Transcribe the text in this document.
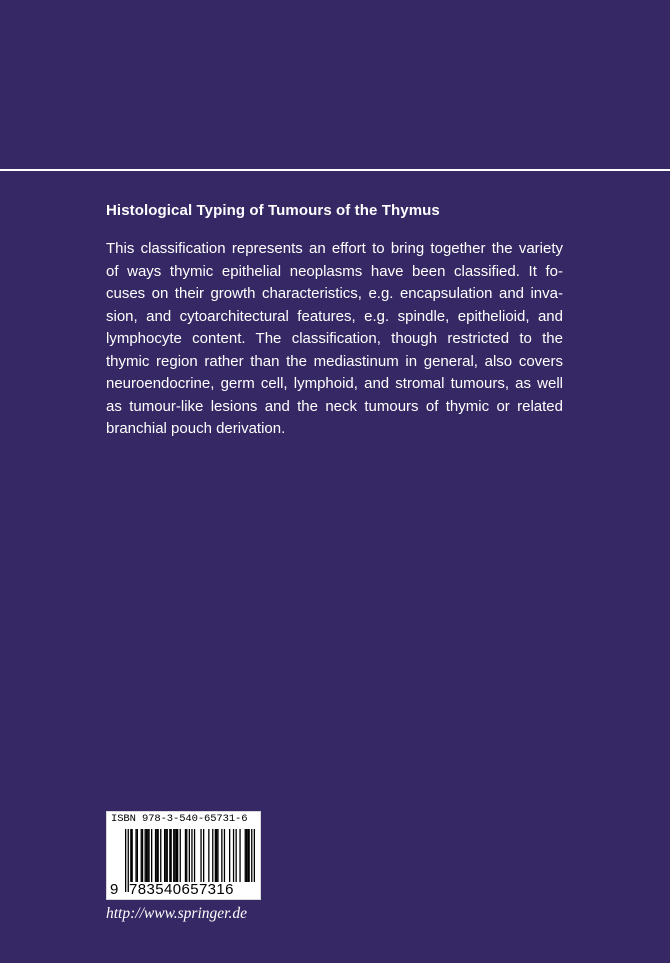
Histological Typing of Tumours of the Thymus
This classification represents an effort to bring together the variety
of ways thymic epithelial neoplasms have been classified. It fo-
cuses on their growth characteristics, e.g. encapsulation and inva-
sion, and cytoarchitectural features, e.g. spindle, epithelioid, and
lymphocyte content. The classification, though restricted to the
thymic region rather than the mediastinum in general, also covers
neuroendocrine, germ cell, lymphoid, and stromal tumours, as well
as tumour-like lesions and the neck tumours of thymic or related
branchial pouch derivation.
ISBN 978-3-540-65731-6
9 783540657316
http://www.springer.de
